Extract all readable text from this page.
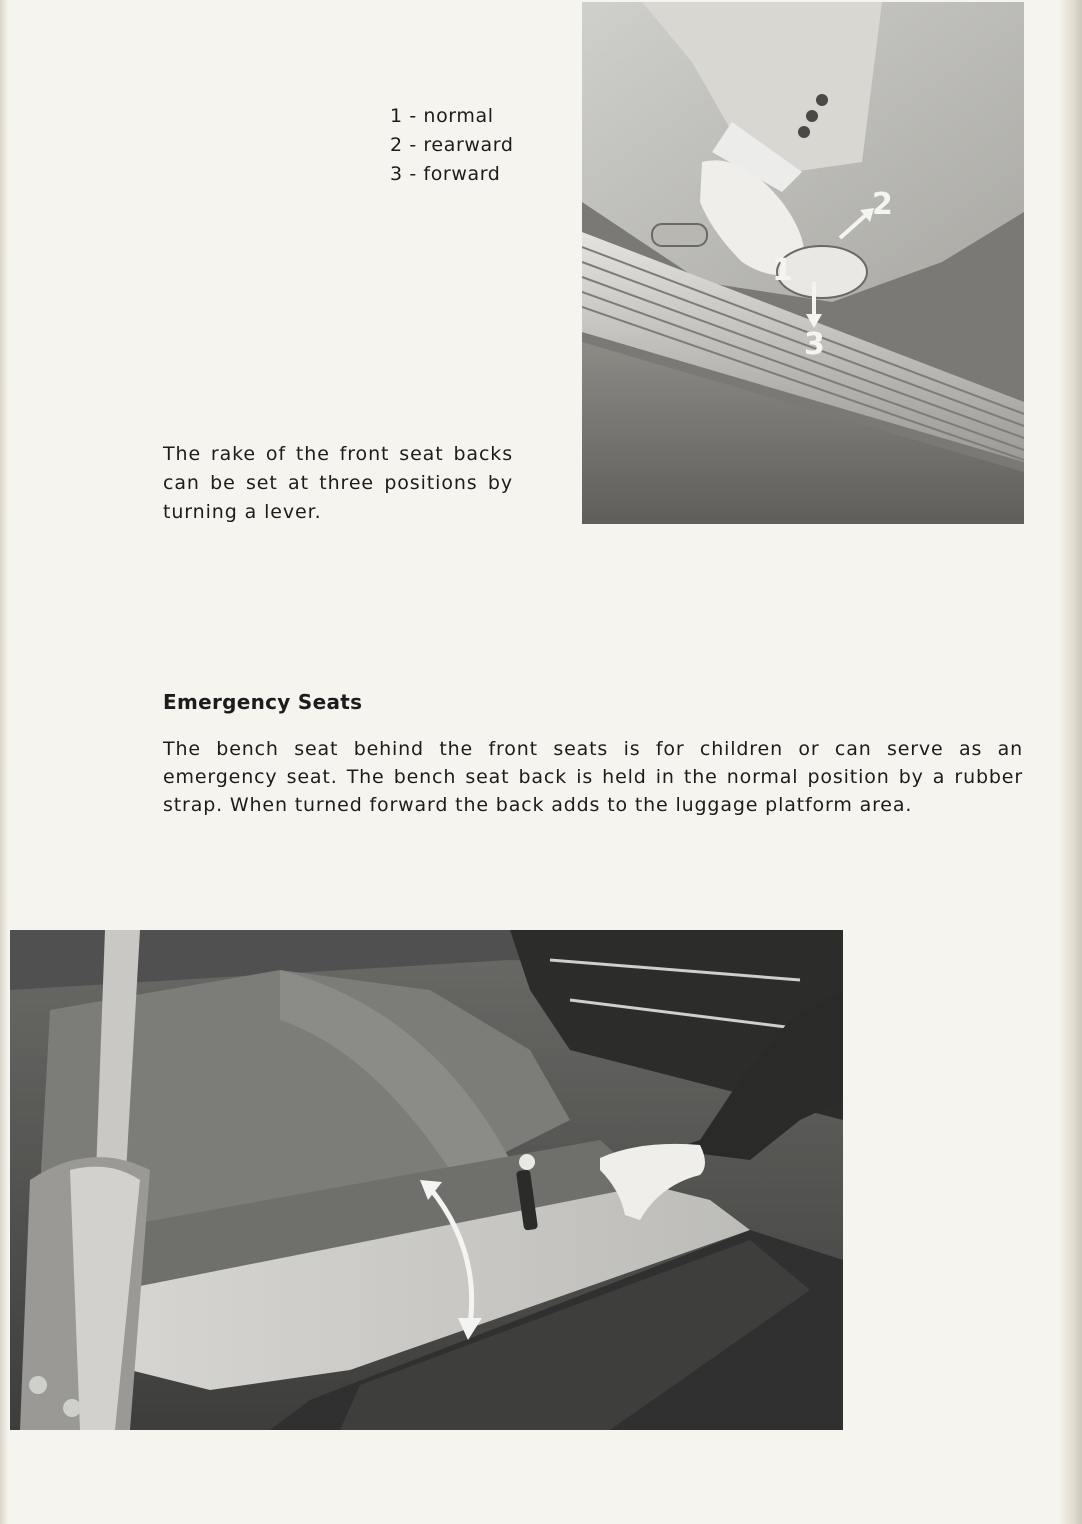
1 - normal
2 - rearward
3 - forward
1
2
3

The rake of the front seat backs can be set at three positions by turning a lever.

Emergency Seats

The bench seat behind the front seats is for children or can serve as an emergency seat. The bench seat back is held in the normal position by a rubber strap. When turned forward the back adds to the luggage platform area.
